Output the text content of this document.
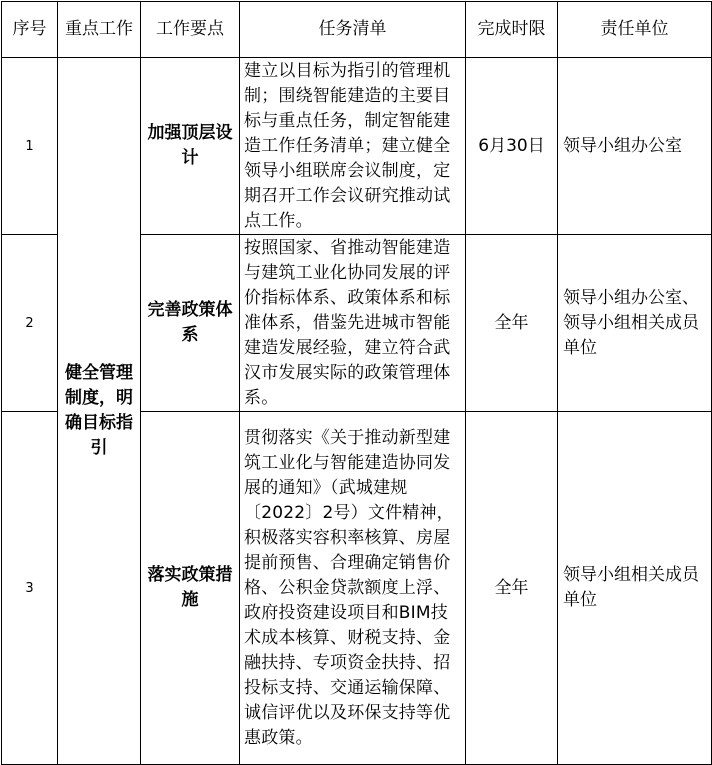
序号	重点工作	工作要点	任务清单	完成时限	责任单位
1	健全管理制度，明确目标指引	加强顶层设计	建立以目标为指引的管理机制；围绕智能建造的主要目标与重点任务，制定智能建造工作任务清单；建立健全领导小组联席会议制度，定期召开工作会议研究推动试点工作。	6月30日	领导小组办公室

2		完善政策体系	按照国家、省推动智能建造与建筑工业化协同发展的评价指标体系、政策体系和标准体系，借鉴先进城市智能建造发展经验，建立符合武汉市发展实际的政策管理体系。	全年	领导小组办公室、领导小组相关成员单位

3		落实政策措施	贯彻落实《关于推动新型建筑工业化与智能建造协同发展的通知》（武城建规〔2022〕2号）文件精神，积极落实容积率核算、房屋提前预售、合理确定销售价格、公积金贷款额度上浮、政府投资建设项目和BIM技术成本核算、财税支持、金融扶持、专项资金扶持、招投标支持、交通运输保障、诚信评优以及环保支持等优惠政策。	全年	领导小组相关成员单位
